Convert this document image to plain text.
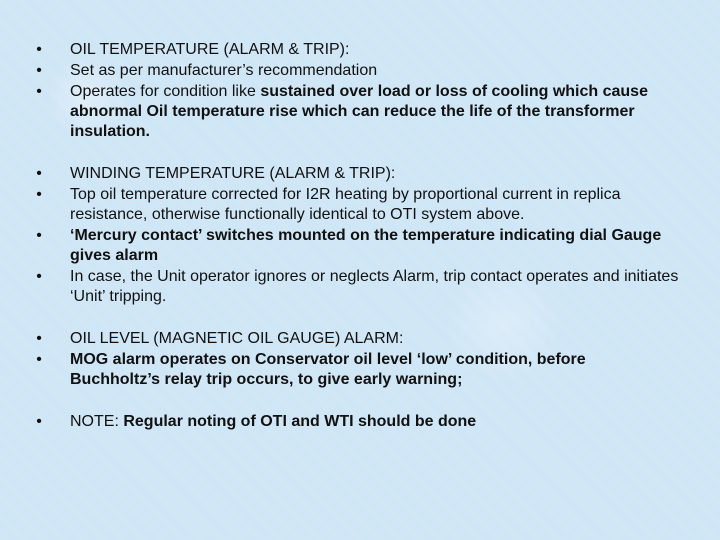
• OIL TEMPERATURE (ALARM & TRIP):
• Set as per manufacturer’s recommendation
• Operates for condition like sustained over load or loss of cooling which cause abnormal Oil temperature rise which can reduce the life of the transformer insulation.
• WINDING TEMPERATURE (ALARM & TRIP):
• Top oil temperature corrected for I2R heating by proportional current in replica resistance, otherwise functionally identical to OTI system above.
• ‘Mercury contact’ switches mounted on the temperature indicating dial Gauge gives alarm
• In case, the Unit operator ignores or neglects Alarm, trip contact operates and initiates ‘Unit’ tripping.
• OIL LEVEL (MAGNETIC OIL GAUGE) ALARM:
• MOG alarm operates on Conservator oil level ‘low’ condition, before Buchholtz’s relay trip occurs, to give early warning;
• NOTE: Regular noting of OTI and WTI should be done
